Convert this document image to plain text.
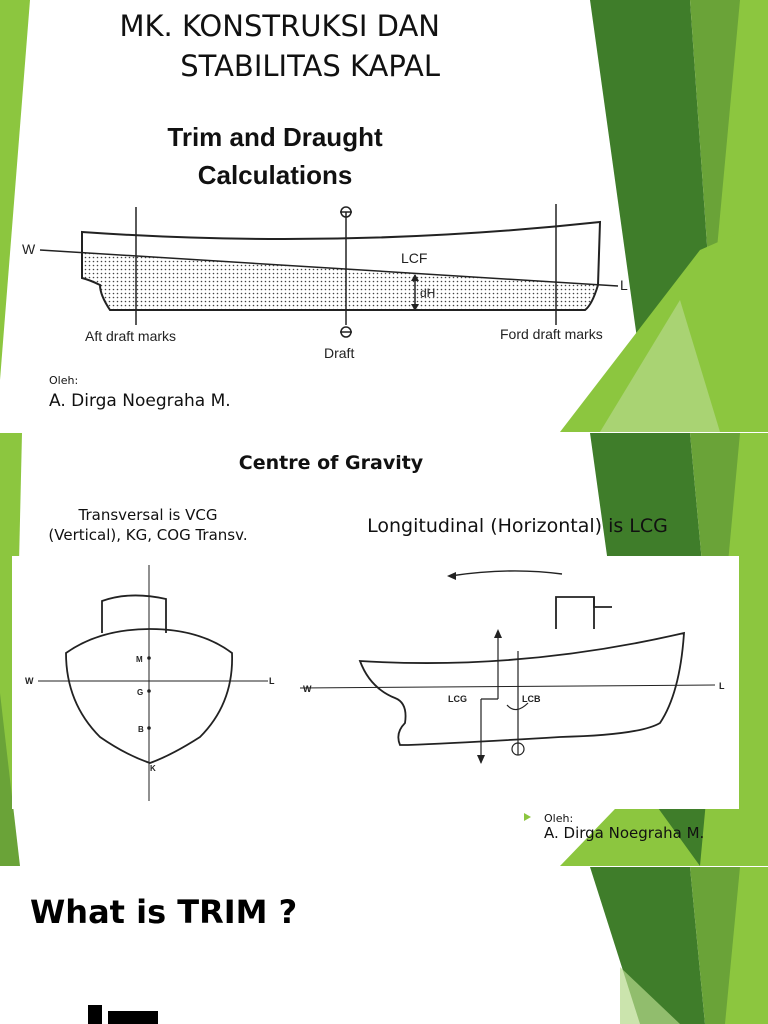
MK. KONSTRUKSI DAN
STABILITAS KAPAL

Trim and Draught
Calculations

W
L
LCF
dH
Aft draft marks	Ford draft marks
Draft

Oleh:

A. Dirga Noegraha M.

Centre of Gravity

Transversal is VCG
(Vertical), KG, COG Transv.	Longitudinal (Horizontal) is LCG

W	L
M
G
B
K
W	L
LCG	LCB

Oleh:

A. Dirga Noegraha M.

What is TRIM ?
